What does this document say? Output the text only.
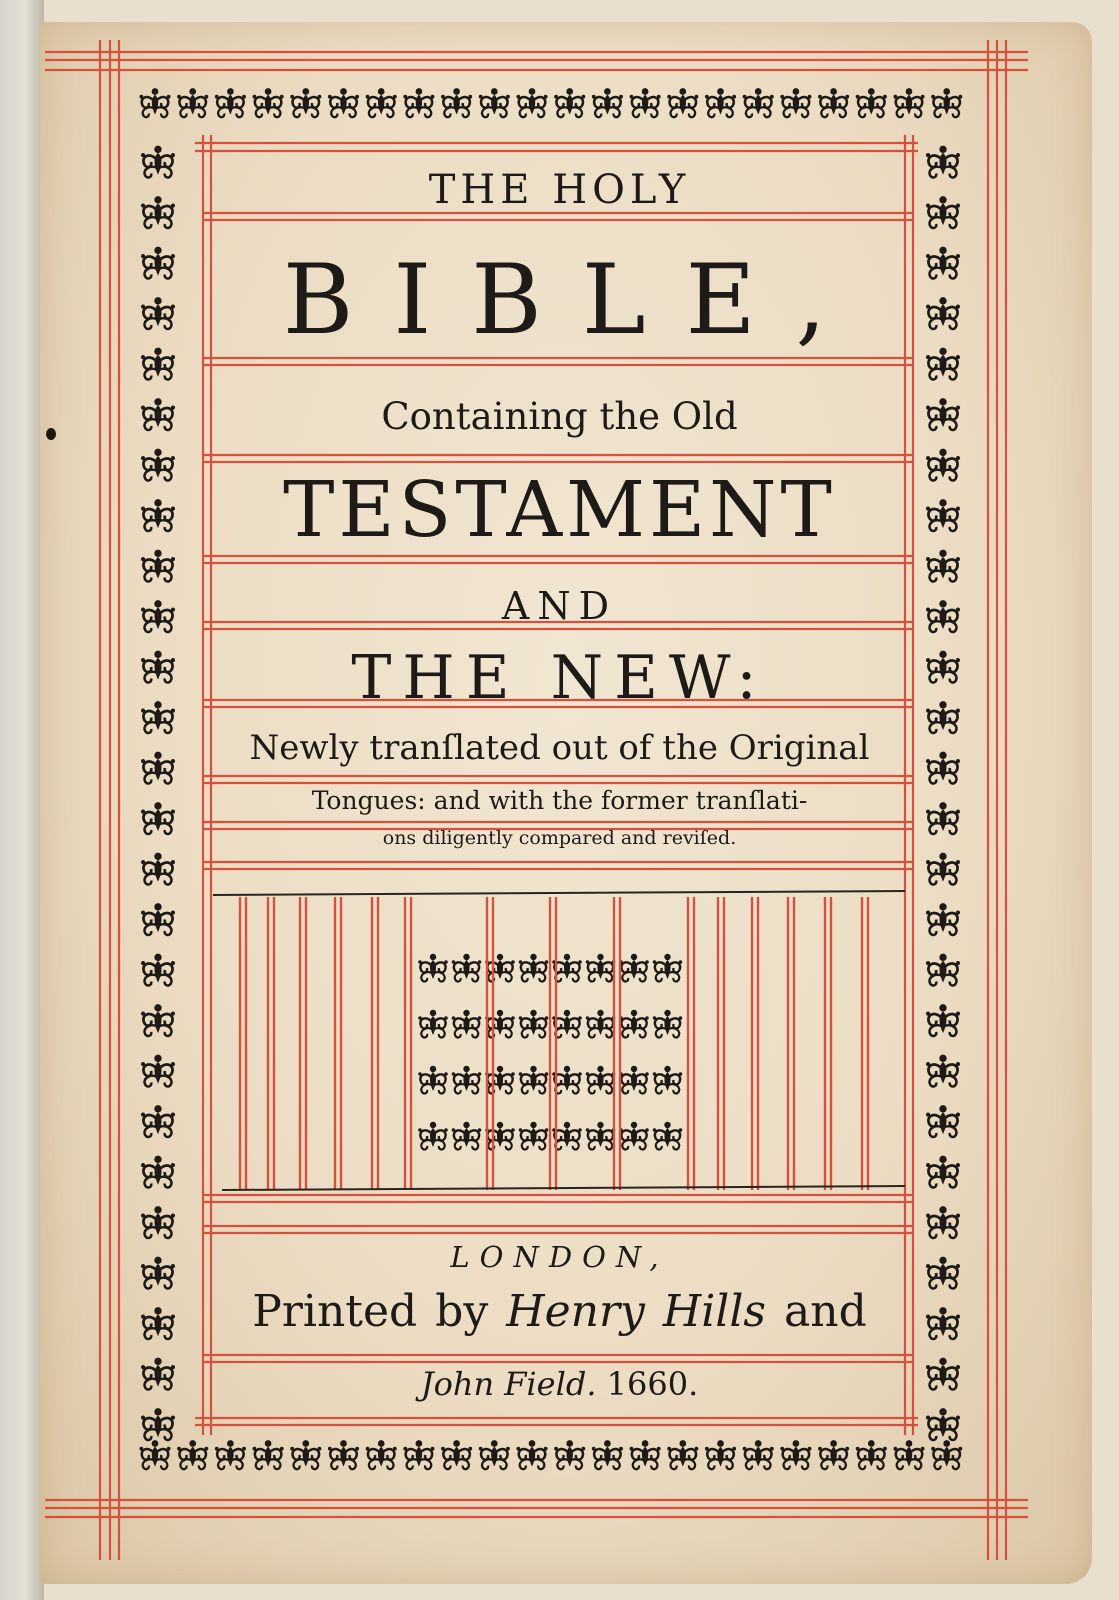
THE HOLY
BIBLE,
Containing the Old
TESTAMENT
AND
THE NEW:
Newly tranſlated out of the Original
Tongues: and with the former tranſlati-
ons diligently compared and reviſed.
LONDON,
Printed by Henry Hills and
John Field. 1660.
